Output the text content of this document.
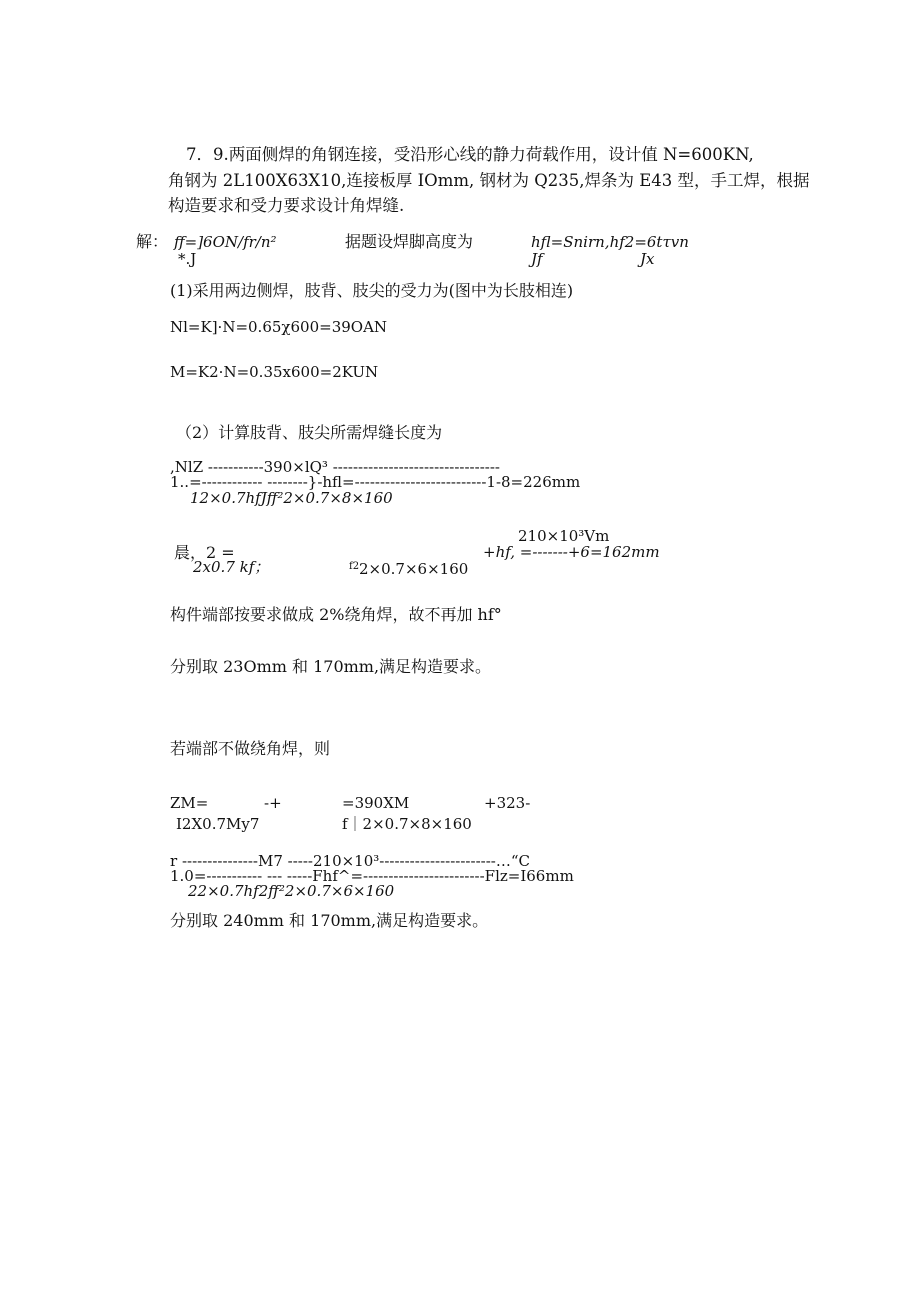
7．9.两面侧焊的角钢连接，受沿形心线的静力荷载作用，设计值 N=600KN,
角钢为 2L100X63X10,连接板厚 IOmm, 钢材为 Q235,焊条为 E43 型，手工焊，根据
构造要求和受力要求设计角焊缝.
解： ff=]6ON/fr/n²
*.J
据题设焊脚高度为	hfl=Snirn,hf2=6tτvn
Jf	Jx
(1)采用两边侧焊，肢背、肢尖的受力为(图中为长肢相连)
Nl=K]·N=0.65χ600=39OAN
M=K2·N=0.35x600=2KUN
（2）计算肢背、肢尖所需焊缝长度为
,NlZ -----------390×lQ³ ---------------------------------
1..=------------ --------}-hfl=--------------------------1-8=226mm
12×0.7hfJff²2×0.7×8×160
晨，2 =
2x0.7 kf；	f2 2×0.7×6×160
210×10³Vm
+hf, =-------+6=162mm
构件端部按要求做成 2%绕角焊，故不再加 hf°
分别取 23Omm 和 170mm,满足构造要求。
若端部不做绕角焊，则
ZM=	-+	=390XM	+323-
I2X0.7My7	f｜2×0.7×8×160
r ---------------M7 -----210×10³-----------------------…“C
1.0=----------- --- -----Fhf^=------------------------Flz=I66mm
22×0.7hf2ff²2×0.7×6×160
分别取 240mm 和 170mm,满足构造要求。
